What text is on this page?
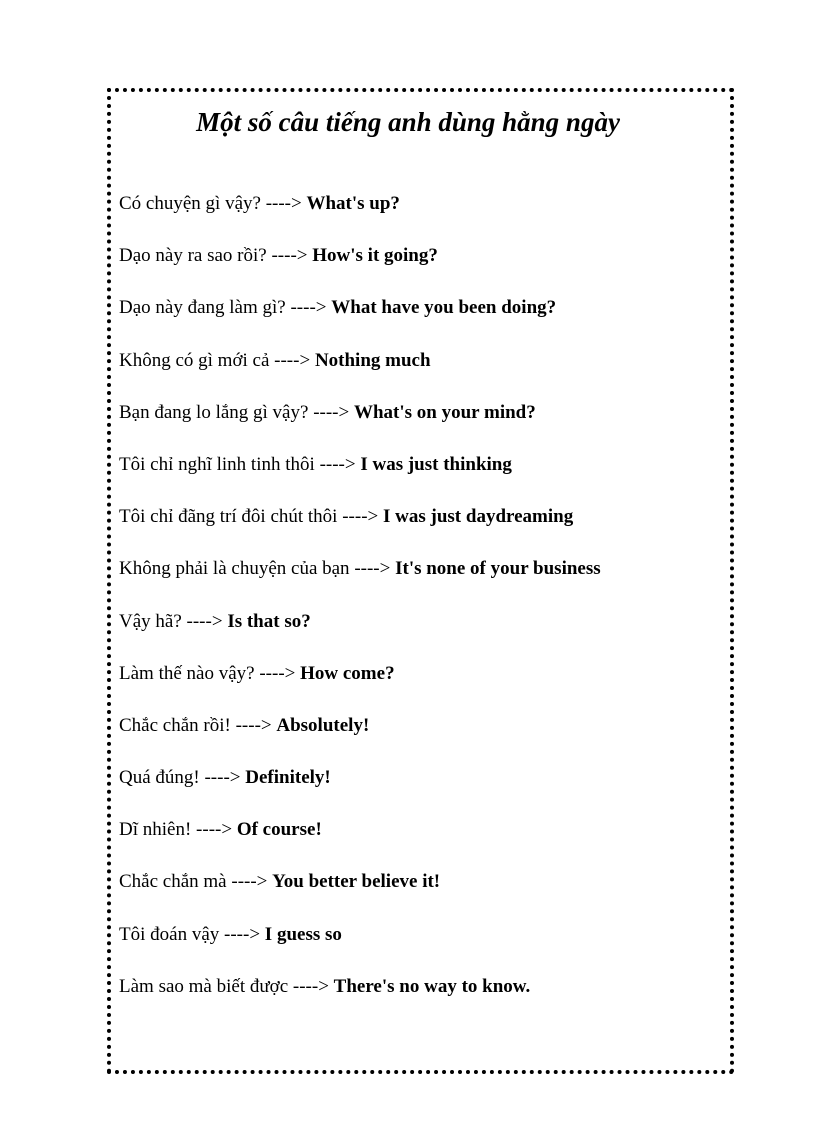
Một số câu tiếng anh dùng hằng ngày
Có chuyện gì vậy? ----> What's up?
Dạo này ra sao rồi? ----> How's it going?
Dạo này đang làm gì? ----> What have you been doing?
Không có gì mới cả ----> Nothing much
Bạn đang lo lắng gì vậy? ----> What's on your mind?
Tôi chỉ nghĩ linh tinh thôi ----> I was just thinking
Tôi chỉ đãng trí đôi chút thôi ----> I was just daydreaming
Không phải là chuyện của bạn ----> It's none of your business
Vậy hã? ----> Is that so?
Làm thế nào vậy? ----> How come?
Chắc chắn rồi! ----> Absolutely!
Quá đúng! ----> Definitely!
Dĩ nhiên! ----> Of course!
Chắc chắn mà ----> You better believe it!
Tôi đoán vậy ----> I guess so
Làm sao mà biết được ----> There's no way to know.
